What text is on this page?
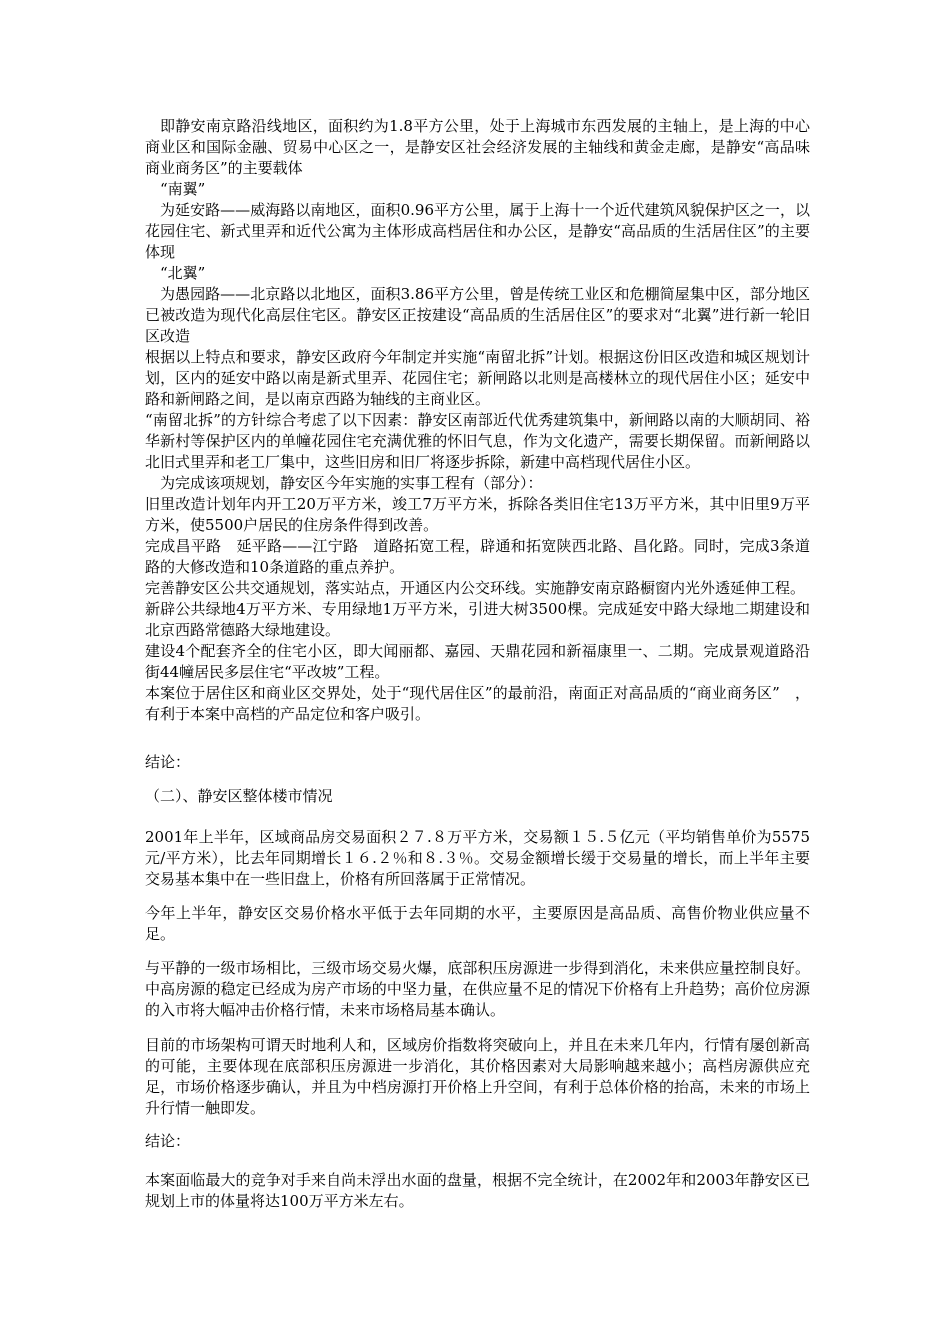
即静安南京路沿线地区，面积约为1.8平方公里，处于上海城市东西发展的主轴上，是上海的中心商业区和国际金融、贸易中心区之一，是静安区社会经济发展的主轴线和黄金走廊，是静安“高品味商业商务区”的主要载体

“南翼”

为延安路——威海路以南地区，面积0.96平方公里，属于上海十一个近代建筑风貌保护区之一，以花园住宅、新式里弄和近代公寓为主体形成高档居住和办公区，是静安“高品质的生活居住区”的主要体现

“北翼”

为愚园路——北京路以北地区，面积3.86平方公里，曾是传统工业区和危棚简屋集中区，部分地区已被改造为现代化高层住宅区。静安区正按建设“高品质的生活居住区”的要求对“北翼”进行新一轮旧区改造

根据以上特点和要求，静安区政府今年制定并实施“南留北拆”计划。根据这份旧区改造和城区规划计划，区内的延安中路以南是新式里弄、花园住宅；新闸路以北则是高楼林立的现代居住小区；延安中路和新闸路之间，是以南京西路为轴线的主商业区。

“南留北拆”的方针综合考虑了以下因素：静安区南部近代优秀建筑集中，新闸路以南的大顺胡同、裕华新村等保护区内的单幢花园住宅充满优雅的怀旧气息，作为文化遗产，需要长期保留。而新闸路以北旧式里弄和老工厂集中，这些旧房和旧厂将逐步拆除，新建中高档现代居住小区。

为完成该项规划，静安区今年实施的实事工程有（部分）：

旧里改造计划年内开工20万平方米，竣工7万平方米，拆除各类旧住宅13万平方米，其中旧里9万平方米，使5500户居民的住房条件得到改善。

完成昌平路　延平路——江宁路　道路拓宽工程，辟通和拓宽陕西北路、昌化路。同时，完成3条道路的大修改造和10条道路的重点养护。

完善静安区公共交通规划，落实站点，开通区内公交环线。实施静安南京路橱窗内光外透延伸工程。

新辟公共绿地4万平方米、专用绿地1万平方米，引进大树3500棵。完成延安中路大绿地二期建设和北京西路常德路大绿地建设。

建设4个配套齐全的住宅小区，即大闻丽都、嘉园、天鼎花园和新福康里一、二期。完成景观道路沿街44幢居民多层住宅“平改坡”工程。

本案位于居住区和商业区交界处，处于“现代居住区”的最前沿，南面正对高品质的“商业商务区”　，有利于本案中高档的产品定位和客户吸引。

结论：

（二）、静安区整体楼市情况

2001年上半年，区域商品房交易面积２７.８万平方米，交易额１５.５亿元（平均销售单价为5575元/平方米），比去年同期增长１６.２％和８.３％。交易金额增长缓于交易量的增长，而上半年主要交易基本集中在一些旧盘上，价格有所回落属于正常情况。

今年上半年，静安区交易价格水平低于去年同期的水平，主要原因是高品质、高售价物业供应量不足。

与平静的一级市场相比，三级市场交易火爆，底部积压房源进一步得到消化，未来供应量控制良好。中高房源的稳定已经成为房产市场的中坚力量，在供应量不足的情况下价格有上升趋势；高价位房源的入市将大幅冲击价格行情，未来市场格局基本确认。

目前的市场架构可谓天时地利人和，区域房价指数将突破向上，并且在未来几年内，行情有屡创新高的可能，主要体现在底部积压房源进一步消化，其价格因素对大局影响越来越小；高档房源供应充足，市场价格逐步确认，并且为中档房源打开价格上升空间，有利于总体价格的抬高，未来的市场上升行情一触即发。

结论：

本案面临最大的竞争对手来自尚未浮出水面的盘量，根据不完全统计，在2002年和2003年静安区已规划上市的体量将达100万平方米左右。
